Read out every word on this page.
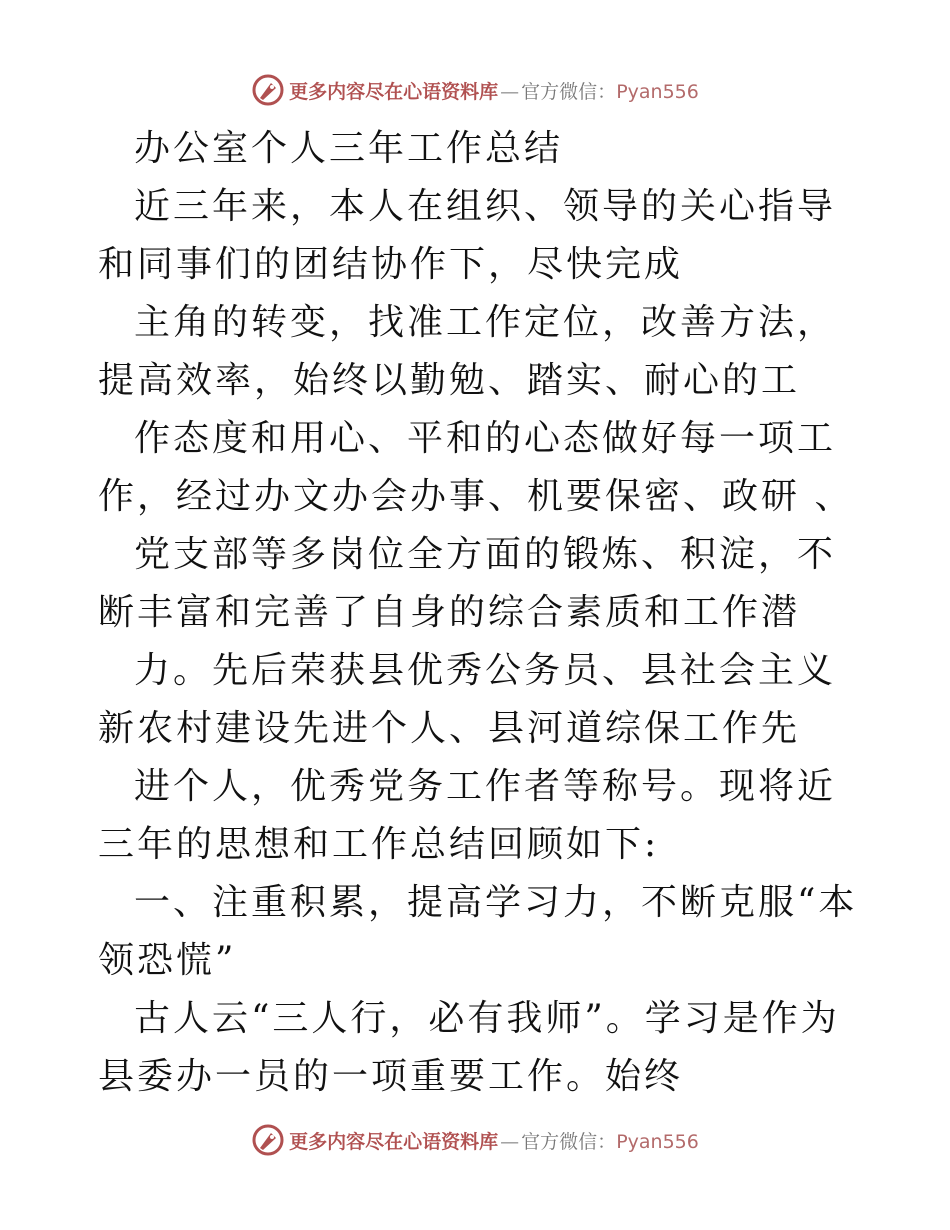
更多内容尽在心语资料库 — 官方微信： Pyan556

办公室个人三年工作总结

近三年来，本人在组织、领导的关心指导和同事们的团结协作下，尽快完成

主角的转变，找准工作定位，改善方法，提高效率，始终以勤勉、踏实、耐心的工

作态度和用心、平和的心态做好每一项工作，经过办文办会办事、机要保密、政研 、

党支部等多岗位全方面的锻炼、积淀，不断丰富和完善了自身的综合素质和工作潜

力。先后荣获县优秀公务员、县社会主义新农村建设先进个人、县河道综保工作先

进个人，优秀党务工作者等称号。现将近三年的思想和工作总结回顾如下:

一、注重积累，提高学习力，不断克服“本领恐慌”

古人云“三人行，必有我师”。学习是作为县委办一员的一项重要工作。始终

更多内容尽在心语资料库 — 官方微信： Pyan556
